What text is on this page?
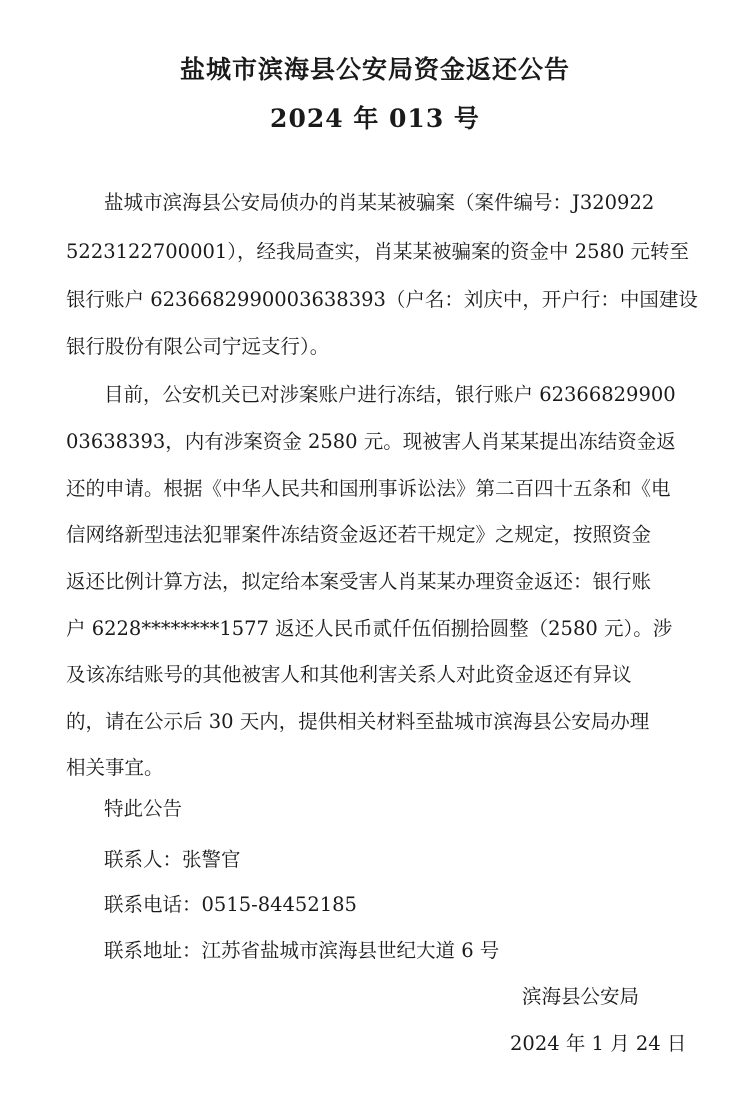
盐城市滨海县公安局资金返还公告
2024 年 013 号
盐城市滨海县公安局侦办的肖某某被骗案（案件编号：J320922
5223122700001），经我局查实，肖某某被骗案的资金中 2580 元转至
银行账户 6236682990003638393（户名：刘庆中，开户行：中国建设
银行股份有限公司宁远支行）。
目前，公安机关已对涉案账户进行冻结，银行账户 62366829900
03638393，内有涉案资金 2580 元。现被害人肖某某提出冻结资金返
还的申请。根据《中华人民共和国刑事诉讼法》第二百四十五条和《电
信网络新型违法犯罪案件冻结资金返还若干规定》之规定，按照资金
返还比例计算方法，拟定给本案受害人肖某某办理资金返还：银行账
户 6228********1577 返还人民币贰仟伍佰捌拾圆整（2580 元）。涉
及该冻结账号的其他被害人和其他利害关系人对此资金返还有异议
的，请在公示后 30 天内，提供相关材料至盐城市滨海县公安局办理
相关事宜。
特此公告
联系人：张警官
联系电话：0515-84452185
联系地址：江苏省盐城市滨海县世纪大道 6 号
滨海县公安局
2024 年 1 月 24 日
